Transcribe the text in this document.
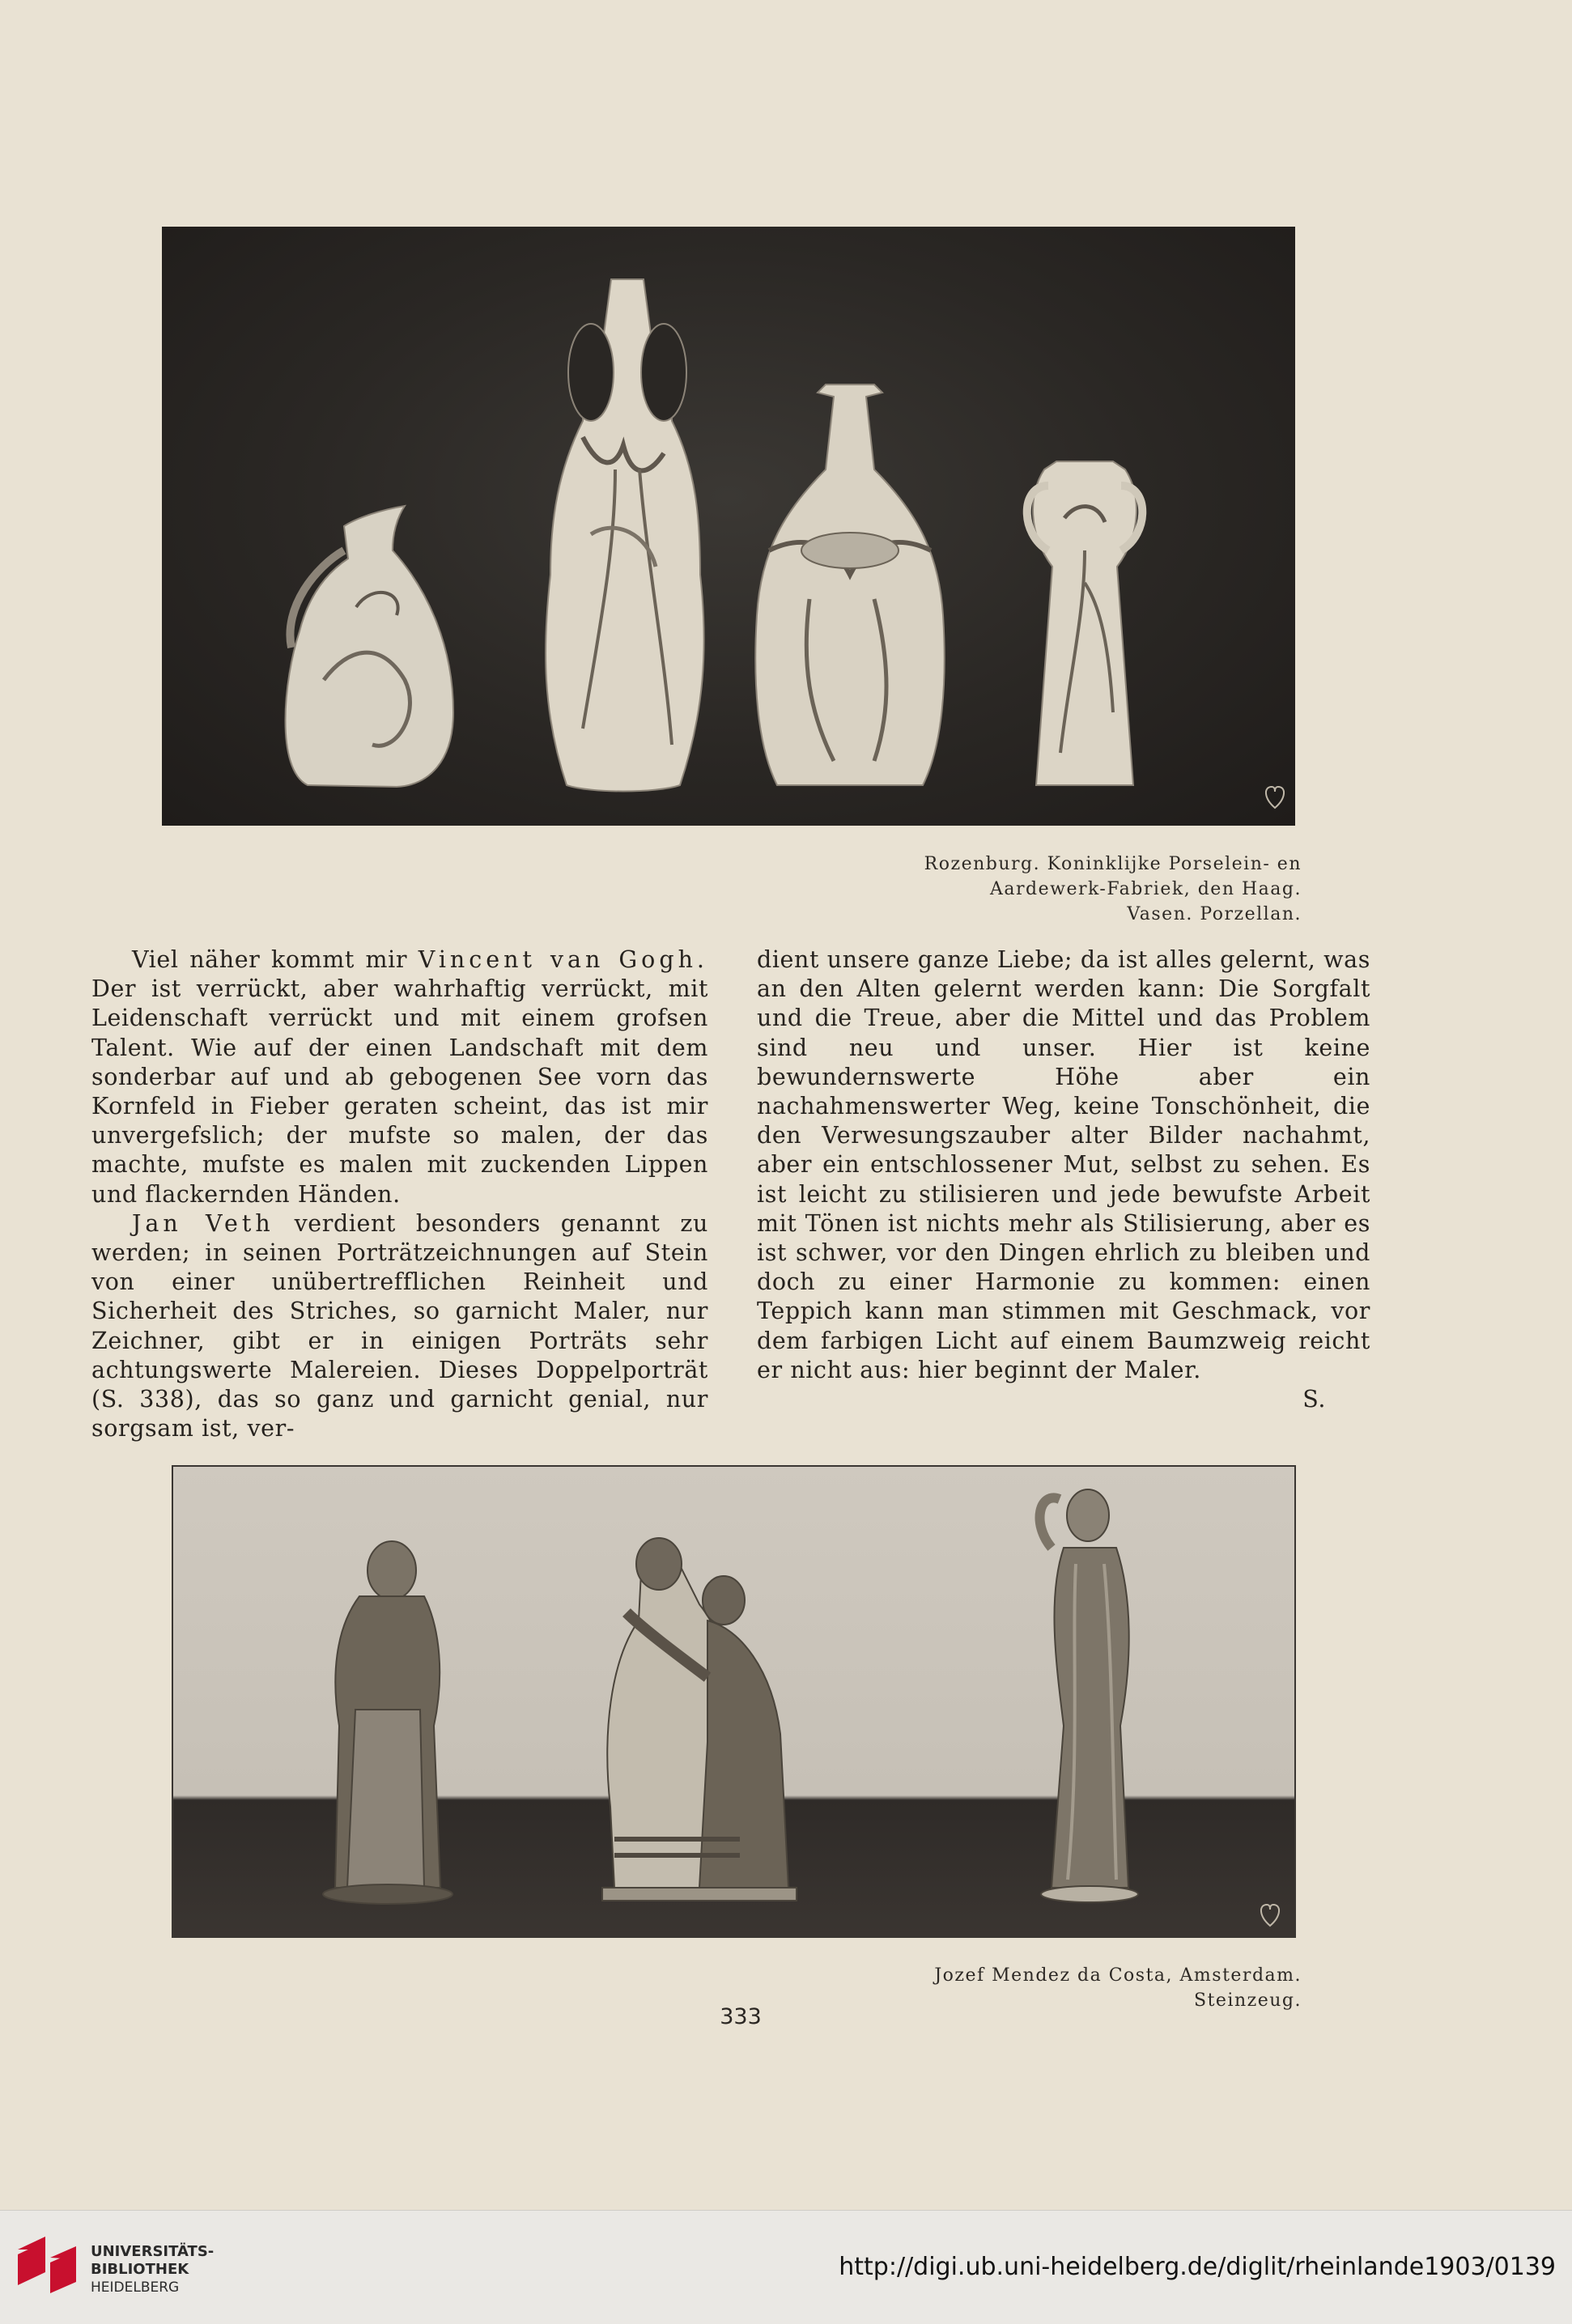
Rozenburg. Koninklijke Porselein- en
Aardewerk-Fabriek, den Haag.
Vasen. Porzellan.

Viel näher kommt mir Vincent van Gogh. Der ist verrückt, aber wahrhaftig verrückt, mit Leidenschaft verrückt und mit einem grofsen Talent. Wie auf der einen Landschaft mit dem sonderbar auf und ab gebogenen See vorn das Kornfeld in Fieber geraten scheint, das ist mir unvergefslich; der mufste so malen, der das machte, mufste es malen mit zuckenden Lippen und flackernden Händen.

Jan Veth verdient besonders genannt zu werden; in seinen Porträtzeichnungen auf Stein von einer unübertrefflichen Reinheit und Sicherheit des Striches, so garnicht Maler, nur Zeichner, gibt er in einigen Porträts sehr achtungswerte Malereien. Dieses Doppelporträt (S. 338), das so ganz und garnicht genial, nur sorgsam ist, ver-

dient unsere ganze Liebe; da ist alles gelernt, was an den Alten gelernt werden kann: Die Sorgfalt und die Treue, aber die Mittel und das Problem sind neu und unser. Hier ist keine bewundernswerte Höhe aber ein nachahmenswerter Weg, keine Tonschönheit, die den Verwesungszauber alter Bilder nachahmt, aber ein entschlossener Mut, selbst zu sehen. Es ist leicht zu stilisieren und jede bewufste Arbeit mit Tönen ist nichts mehr als Stilisierung, aber es ist schwer, vor den Dingen ehrlich zu bleiben und doch zu einer Harmonie zu kommen: einen Teppich kann man stimmen mit Geschmack, vor dem farbigen Licht auf einem Baumzweig reicht er nicht aus: hier beginnt der Maler.

S.

Jozef Mendez da Costa, Amsterdam.
Steinzeug.
333
UNIVERSITÄTS-
BIBLIOTHEK
HEIDELBERG
http://digi.ub.uni-heidelberg.de/diglit/rheinlande1903/0139
